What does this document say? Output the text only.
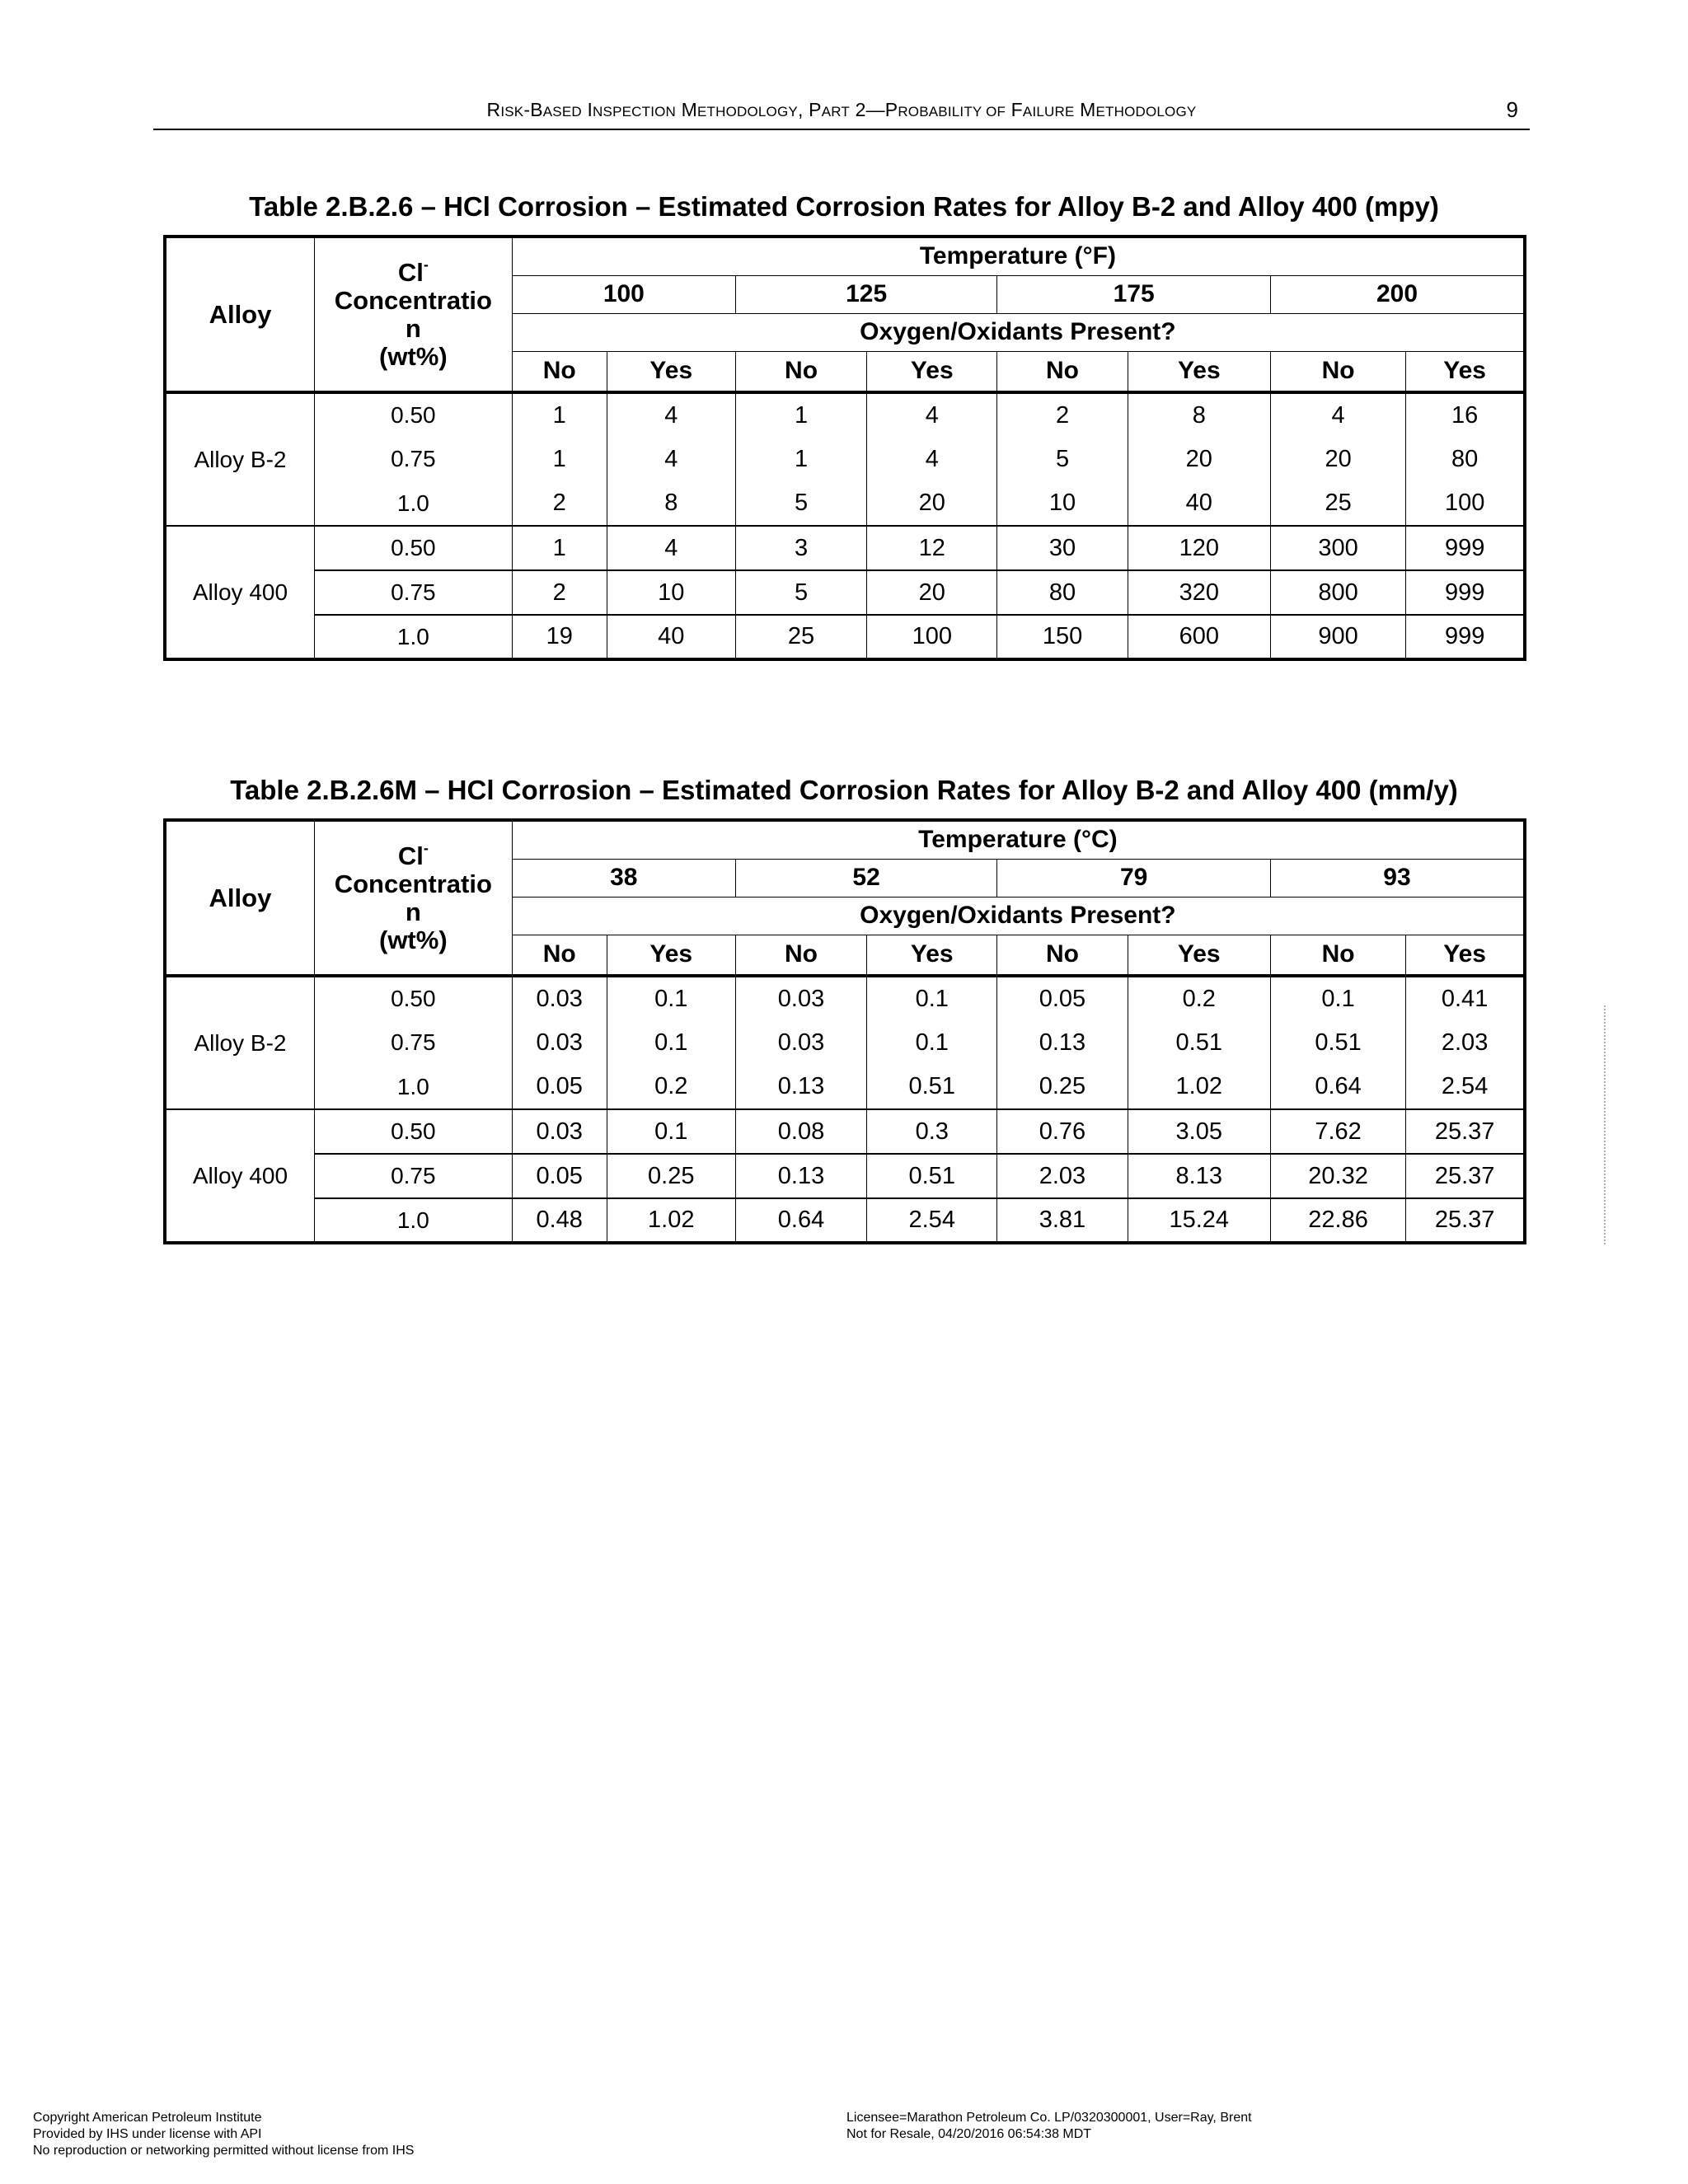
RISK-BASED INSPECTION METHODOLOGY, PART 2—PROBABILITY OF FAILURE METHODOLOGY	9
Table 2.B.2.6 – HCl Corrosion – Estimated Corrosion Rates for Alloy B-2 and Alloy 400 (mpy)
Alloy	Cl-
Concentratio
n
(wt%)	Temperature (°F)							
		100		125		175		200	
		Oxygen/Oxidants Present?							
		No	Yes	No	Yes	No	Yes	No	Yes
Alloy B-2	0.50	1	4	1	4	2	8	4	16
	0.75	1	4	1	4	5	20	20	80
	1.0	2	8	5	20	10	40	25	100
Alloy 400	0.50	1	4	3	12	30	120	300	999
	0.75	2	10	5	20	80	320	800	999
	1.0	19	40	25	100	150	600	900	999
Table 2.B.2.6M – HCl Corrosion – Estimated Corrosion Rates for Alloy B-2 and Alloy 400 (mm/y)
Alloy	Cl-
Concentratio
n
(wt%)	Temperature (°C)							
		38		52		79		93	
		Oxygen/Oxidants Present?							
		No	Yes	No	Yes	No	Yes	No	Yes
Alloy B-2	0.50	0.03	0.1	0.03	0.1	0.05	0.2	0.1	0.41
	0.75	0.03	0.1	0.03	0.1	0.13	0.51	0.51	2.03
	1.0	0.05	0.2	0.13	0.51	0.25	1.02	0.64	2.54
Alloy 400	0.50	0.03	0.1	0.08	0.3	0.76	3.05	7.62	25.37
	0.75	0.05	0.25	0.13	0.51	2.03	8.13	20.32	25.37
	1.0	0.48	1.02	0.64	2.54	3.81	15.24	22.86	25.37
Copyright American Petroleum Institute
Provided by IHS under license with API
No reproduction or networking permitted without license from IHS
Licensee=Marathon Petroleum Co. LP/0320300001, User=Ray, Brent
Not for Resale, 04/20/2016 06:54:38 MDT
